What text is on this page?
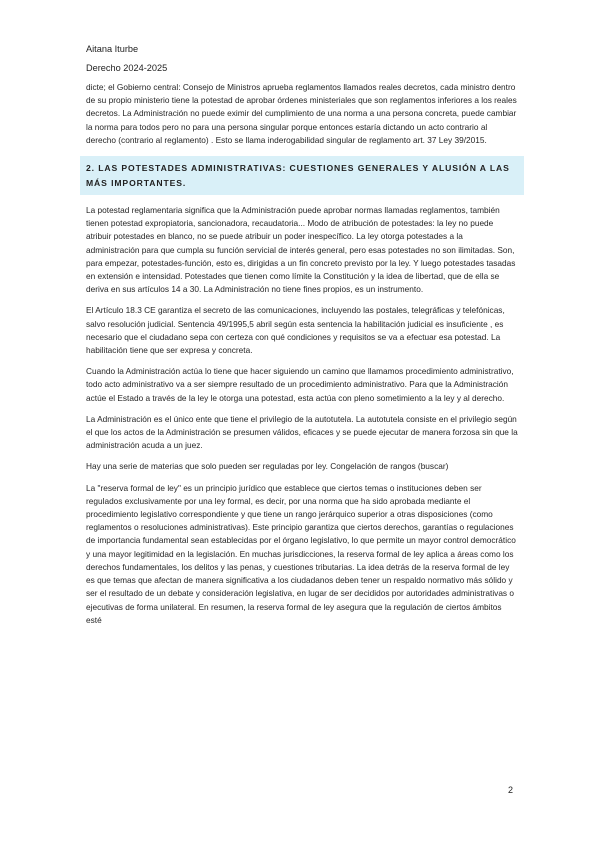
Aitana Iturbe
Derecho 2024-2025

dicte; el Gobierno central: Consejo de Ministros aprueba reglamentos llamados reales decretos, cada ministro dentro de su propio ministerio tiene la potestad de aprobar órdenes ministeriales que son reglamentos inferiores a los reales decretos. La Administración no puede eximir del cumplimiento de una norma a una persona concreta, puede cambiar la norma para todos pero no para una persona singular porque entonces estaría dictando un acto contrario al derecho (contrario al reglamento) . Esto se llama inderogabilidad singular de reglamento art. 37 Ley 39/2015.

2. LAS POTESTADES ADMINISTRATIVAS: CUESTIONES GENERALES Y ALUSIÓN A LAS MÁS IMPORTANTES.

La potestad reglamentaria significa que la Administración puede aprobar normas llamadas reglamentos, también tienen potestad expropiatoria, sancionadora, recaudatoria... Modo de atribución de potestades: la ley no puede atribuir potestades en blanco, no se puede atribuir un poder inespecífico. La ley otorga potestades a la administración para que cumpla su función servicial de interés general, pero esas potestades no son ilimitadas. Son, para empezar, potestades-función, esto es, dirigidas a un fin concreto previsto por la ley. Y luego potestades tasadas en extensión e intensidad. Potestades que tienen como límite la Constitución y la idea de libertad, que de ella se deriva en sus artículos 14 a 30. La Administración no tiene fines propios, es un instrumento.

El Artículo 18.3 CE garantiza el secreto de las comunicaciones, incluyendo las postales, telegráficas y telefónicas, salvo resolución judicial. Sentencia 49/1995,5 abril según esta sentencia la habilitación judicial es insuficiente , es necesario que el ciudadano sepa con certeza con qué condiciones y requisitos se va a efectuar esa potestad. La habilitación tiene que ser expresa y concreta.

Cuando la Administración actúa lo tiene que hacer siguiendo un camino que llamamos procedimiento administrativo, todo acto administrativo va a ser siempre resultado de un procedimiento administrativo. Para que la Administración actúe el Estado a través de la ley le otorga una potestad, esta actúa con pleno sometimiento a la ley y al derecho.

La Administración es el único ente que tiene el privilegio de la autotutela. La autotutela consiste en el privilegio según el que los actos de la Administración se presumen válidos, eficaces y se puede ejecutar de manera forzosa sin que la administración acuda a un juez.

Hay una serie de materias que solo pueden ser reguladas por ley. Congelación de rangos (buscar)

La "reserva formal de ley" es un principio jurídico que establece que ciertos temas o instituciones deben ser regulados exclusivamente por una ley formal, es decir, por una norma que ha sido aprobada mediante el procedimiento legislativo correspondiente y que tiene un rango jerárquico superior a otras disposiciones (como reglamentos o resoluciones administrativas). Este principio garantiza que ciertos derechos, garantías o regulaciones de importancia fundamental sean establecidas por el órgano legislativo, lo que permite un mayor control democrático y una mayor legitimidad en la legislación. En muchas jurisdicciones, la reserva formal de ley aplica a áreas como los derechos fundamentales, los delitos y las penas, y cuestiones tributarias. La idea detrás de la reserva formal de ley es que temas que afectan de manera significativa a los ciudadanos deben tener un respaldo normativo más sólido y ser el resultado de un debate y consideración legislativa, en lugar de ser decididos por autoridades administrativas o ejecutivas de forma unilateral. En resumen, la reserva formal de ley asegura que la regulación de ciertos ámbitos esté

2
